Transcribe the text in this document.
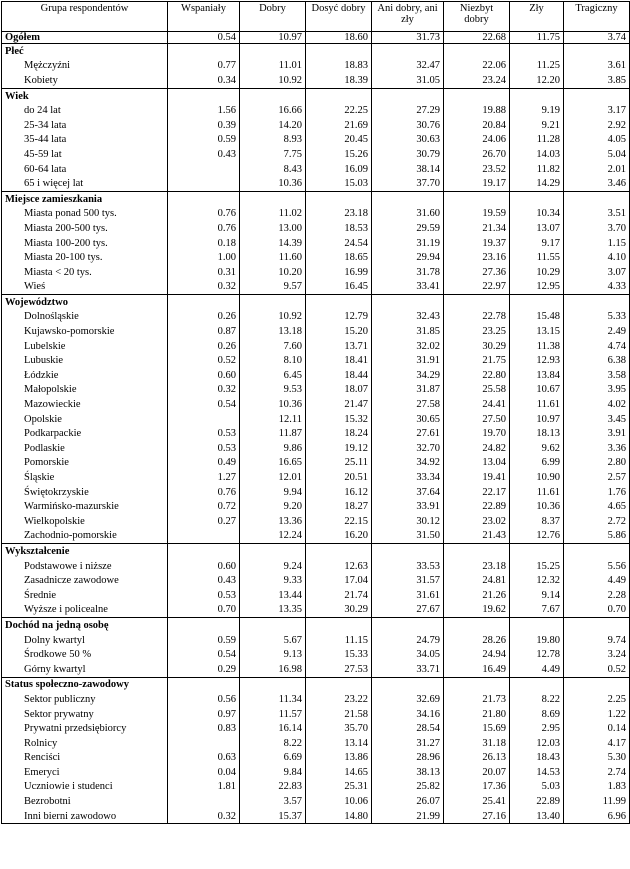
Grupa respondentów	Wspaniały	Dobry	Dosyć dobry	Ani dobry, ani zły	Niezbyt dobry	Zły	Tragiczny
Ogółem	0.54	10.97	18.60	31.73	22.68	11.75	3.74
Płeć							
Mężczyźni	0.77	11.01	18.83	32.47	22.06	11.25	3.61
Kobiety	0.34	10.92	18.39	31.05	23.24	12.20	3.85
Wiek							
do 24 lat	1.56	16.66	22.25	27.29	19.88	9.19	3.17
25-34 lata	0.39	14.20	21.69	30.76	20.84	9.21	2.92
35-44 lata	0.59	8.93	20.45	30.63	24.06	11.28	4.05
45-59 lat	0.43	7.75	15.26	30.79	26.70	14.03	5.04
60-64 lata		8.43	16.09	38.14	23.52	11.82	2.01
65 i więcej lat		10.36	15.03	37.70	19.17	14.29	3.46
Miejsce zamieszkania							
Miasta ponad 500 tys.	0.76	11.02	23.18	31.60	19.59	10.34	3.51
Miasta 200-500 tys.	0.76	13.00	18.53	29.59	21.34	13.07	3.70
Miasta 100-200 tys.	0.18	14.39	24.54	31.19	19.37	9.17	1.15
Miasta 20-100 tys.	1.00	11.60	18.65	29.94	23.16	11.55	4.10
Miasta < 20 tys.	0.31	10.20	16.99	31.78	27.36	10.29	3.07
Wieś	0.32	9.57	16.45	33.41	22.97	12.95	4.33
Województwo							
Dolnośląskie	0.26	10.92	12.79	32.43	22.78	15.48	5.33
Kujawsko-pomorskie	0.87	13.18	15.20	31.85	23.25	13.15	2.49
Lubelskie	0.26	7.60	13.71	32.02	30.29	11.38	4.74
Lubuskie	0.52	8.10	18.41	31.91	21.75	12.93	6.38
Łódzkie	0.60	6.45	18.44	34.29	22.80	13.84	3.58
Małopolskie	0.32	9.53	18.07	31.87	25.58	10.67	3.95
Mazowieckie	0.54	10.36	21.47	27.58	24.41	11.61	4.02
Opolskie		12.11	15.32	30.65	27.50	10.97	3.45
Podkarpackie	0.53	11.87	18.24	27.61	19.70	18.13	3.91
Podlaskie	0.53	9.86	19.12	32.70	24.82	9.62	3.36
Pomorskie	0.49	16.65	25.11	34.92	13.04	6.99	2.80
Śląskie	1.27	12.01	20.51	33.34	19.41	10.90	2.57
Świętokrzyskie	0.76	9.94	16.12	37.64	22.17	11.61	1.76
Warmińsko-mazurskie	0.72	9.20	18.27	33.91	22.89	10.36	4.65
Wielkopolskie	0.27	13.36	22.15	30.12	23.02	8.37	2.72
Zachodnio-pomorskie		12.24	16.20	31.50	21.43	12.76	5.86
Wykształcenie							
Podstawowe i niższe	0.60	9.24	12.63	33.53	23.18	15.25	5.56
Zasadnicze zawodowe	0.43	9.33	17.04	31.57	24.81	12.32	4.49
Średnie	0.53	13.44	21.74	31.61	21.26	9.14	2.28
Wyższe i policealne	0.70	13.35	30.29	27.67	19.62	7.67	0.70
Dochód na jedną osobę							
Dolny kwartyl	0.59	5.67	11.15	24.79	28.26	19.80	9.74
Środkowe 50 %	0.54	9.13	15.33	34.05	24.94	12.78	3.24
Górny kwartyl	0.29	16.98	27.53	33.71	16.49	4.49	0.52
Status społeczno-zawodowy							
Sektor publiczny	0.56	11.34	23.22	32.69	21.73	8.22	2.25
Sektor prywatny	0.97	11.57	21.58	34.16	21.80	8.69	1.22
Prywatni przedsiębiorcy	0.83	16.14	35.70	28.54	15.69	2.95	0.14
Rolnicy		8.22	13.14	31.27	31.18	12.03	4.17
Renciści	0.63	6.69	13.86	28.96	26.13	18.43	5.30
Emeryci	0.04	9.84	14.65	38.13	20.07	14.53	2.74
Uczniowie i studenci	1.81	22.83	25.31	25.82	17.36	5.03	1.83
Bezrobotni		3.57	10.06	26.07	25.41	22.89	11.99
Inni bierni zawodowo	0.32	15.37	14.80	21.99	27.16	13.40	6.96
